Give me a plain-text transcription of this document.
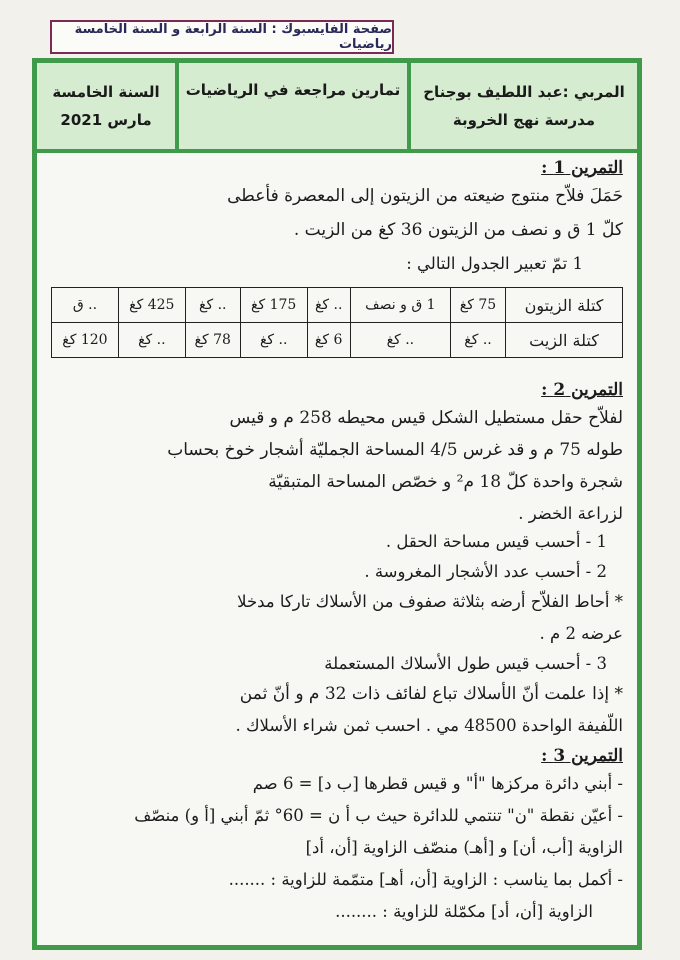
صفحة الفايسبوك : السنة الرابعة و السنة الخامسة رياضيات
المربي :عبد اللطيف بوجناح
مدرسة نهج الخروبة
تمارين مراجعة في الرياضيات
السنة الخامسة
مارس 2021
التمرين 1 :
حَمَلَ فلاّح منتوج ضيعته من الزيتون إلى المعصرة فأعطى
كلّ 1 ق و نصف من الزيتون 36 كغ من الزيت .
1 تمّ تعبير الجدول التالي :
كتلة الزيتون	75 كغ	1 ق و نصف	.. كغ	175 كغ	.. كغ	425 كغ	.. ق
كتلة الزيت	.. كغ	.. كغ	6 كغ	.. كغ	78 كغ	.. كغ	120 كغ
التمرين 2 :
لفلاّح حقل مستطيل الشكل قيس محيطه 258 م و قيس
طوله 75 م و قد غرس 4/5 المساحة الجمليّة أشجار خوخ بحساب
شجرة واحدة كلّ 18 م² و خصّص المساحة المتبقيّة
لزراعة الخضر .
1 - أحسب قيس مساحة الحقل .
2 - أحسب عدد الأشجار المغروسة .
* أحاط الفلاّح أرضه بثلاثة صفوف من الأسلاك تاركا مدخلا
عرضه 2 م .
3 - أحسب قيس طول الأسلاك المستعملة
* إذا علمت أنّ الأسلاك تباع لفائف ذات 32 م و أنّ ثمن
اللّفيفة الواحدة 48500 مي . احسب ثمن شراء الأسلاك .
التمرين 3 :
- أبني دائرة مركزها "أ" و قيس قطرها [ب د] = 6 صم
- أعيّن نقطة "ن" تنتمي للدائرة حيث ب أ ن = 60° ثمّ أبني [أ و) منصّف
الزاوية [أب، أن] و [أهـ) منصّف الزاوية [أن، أد]
- أكمل بما يناسب : الزاوية [أن، أهـ] متمّمة للزاوية : .......
الزاوية [أن، أد] مكمّلة للزاوية : ........
